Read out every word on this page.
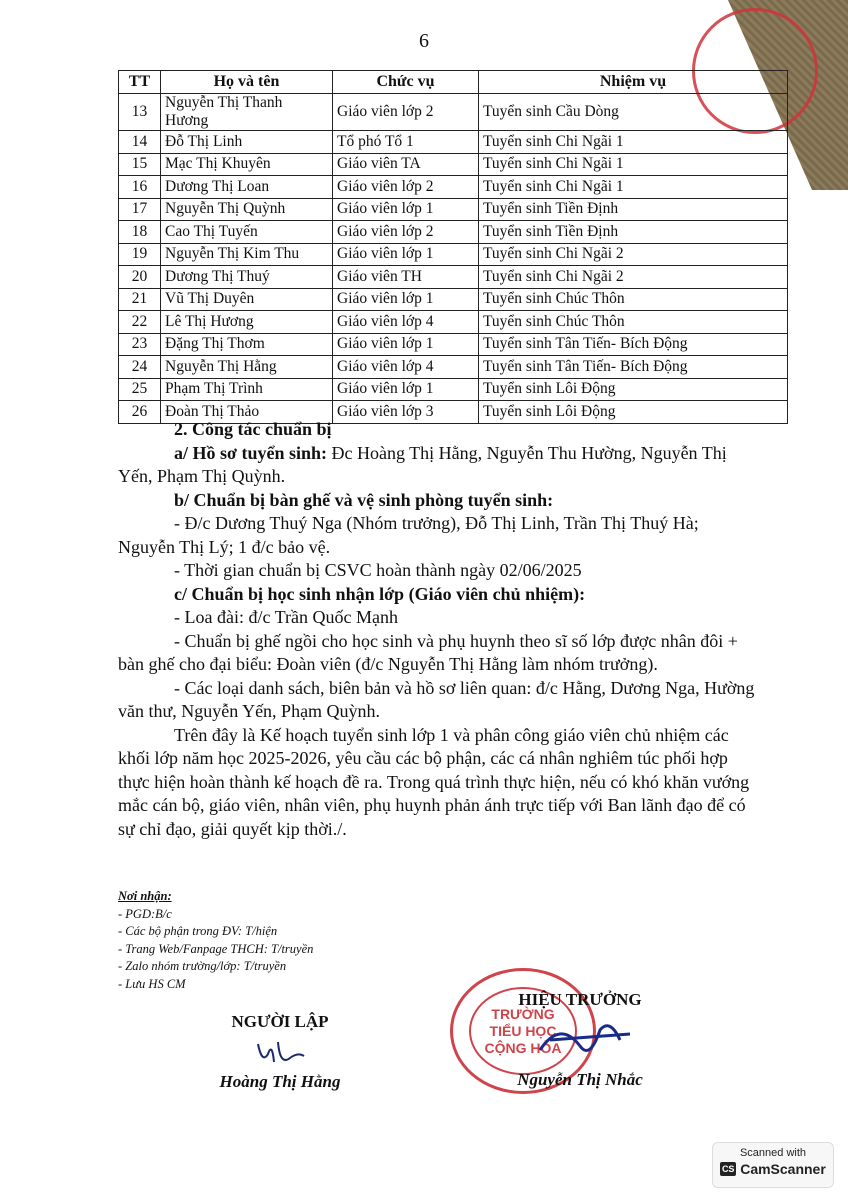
6
TT	Họ và tên	Chức vụ	Nhiệm vụ
13	Nguyễn Thị Thanh Hương	Giáo viên lớp 2	Tuyển sinh Cầu Dòng
14	Đỗ Thị Linh	Tổ phó Tổ 1	Tuyển sinh Chi Ngãi 1
15	Mạc Thị Khuyên	Giáo viên TA	Tuyển sinh Chi Ngãi 1
16	Dương Thị Loan	Giáo viên lớp 2	Tuyển sinh Chi Ngãi 1
17	Nguyễn Thị Quỳnh	Giáo viên lớp 1	Tuyển sinh Tiền Định
18	Cao Thị Tuyến	Giáo viên lớp 2	Tuyển sinh Tiền Định
19	Nguyễn Thị Kim Thu	Giáo viên lớp 1	Tuyển sinh Chi Ngãi 2
20	Dương Thị Thuý	Giáo viên TH	Tuyển sinh Chi Ngãi 2
21	Vũ Thị Duyên	Giáo viên lớp 1	Tuyển sinh Chúc Thôn
22	Lê Thị Hương	Giáo viên lớp 4	Tuyển sinh Chúc Thôn
23	Đặng Thị Thơm	Giáo viên lớp 1	Tuyển sinh Tân Tiến- Bích Động
24	Nguyễn Thị Hằng	Giáo viên lớp 4	Tuyển sinh Tân Tiến- Bích Động
25	Phạm Thị Trình	Giáo viên lớp 1	Tuyển sinh Lôi Động
26	Đoàn Thị Thảo	Giáo viên lớp 3	Tuyển sinh Lôi Động

2. Công tác chuẩn bị

a/ Hồ sơ tuyển sinh: Đc Hoàng Thị Hằng, Nguyễn Thu Hường, Nguyễn Thị Yến, Phạm Thị Quỳnh.

b/ Chuẩn bị bàn ghế và vệ sinh phòng tuyển sinh:

- Đ/c Dương Thuý Nga (Nhóm trưởng), Đỗ Thị Linh, Trần Thị Thuý Hà; Nguyễn Thị Lý; 1 đ/c bảo vệ.

- Thời gian chuẩn bị CSVC hoàn thành ngày 02/06/2025

c/ Chuẩn bị học sinh nhận lớp (Giáo viên chủ nhiệm):

- Loa đài: đ/c Trần Quốc Mạnh

- Chuẩn bị ghế ngồi cho học sinh và phụ huynh theo sĩ số lớp được nhân đôi + bàn ghế cho đại biểu: Đoàn viên (đ/c Nguyễn Thị Hằng làm nhóm trưởng).

- Các loại danh sách, biên bản và hồ sơ liên quan: đ/c Hằng, Dương Nga, Hường văn thư, Nguyễn Yến, Phạm Quỳnh.

Trên đây là Kế hoạch tuyển sinh lớp 1 và phân công giáo viên chủ nhiệm các khối lớp năm học 2025-2026, yêu cầu các bộ phận, các cá nhân nghiêm túc phối hợp thực hiện hoàn thành kế hoạch đề ra. Trong quá trình thực hiện, nếu có khó khăn vướng mắc cán bộ, giáo viên, nhân viên, phụ huynh phản ánh trực tiếp với Ban lãnh đạo để có sự chỉ đạo, giải quyết kịp thời./.

Nơi nhận:
- PGD:B/c
- Các bộ phận trong ĐV: T/hiện
- Trang Web/Fanpage THCH: T/truyền
- Zalo nhóm trường/lớp: T/truyền
- Lưu HS CM
NGƯỜI LẬP
Hoàng Thị Hằng
TRƯỜNG
TIỂU HỌC
CỘNG HÒA
HIỆU TRƯỞNG
Nguyễn Thị Nhắc
Scanned with
CS CamScanner
